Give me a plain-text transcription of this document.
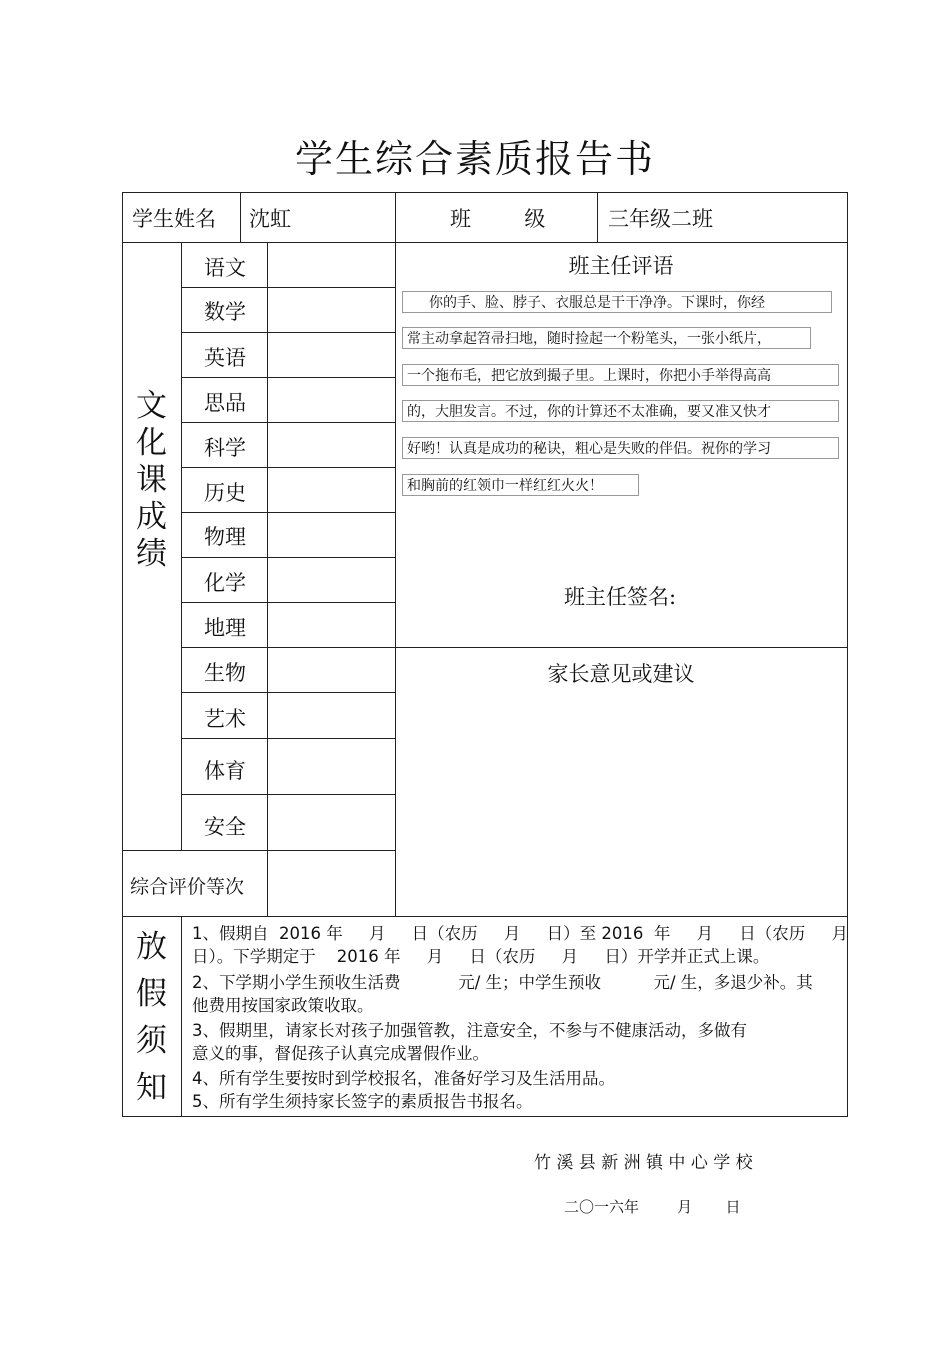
学生综合素质报告书
学生姓名 沈虹	班        级	三年级二班
文
化
课
成
绩
语文
数学
英语
思品
科学
历史
物理
化学
地理
生物
艺术
体育
安全
综合评价等次
班主任评语
你的手、脸、脖子、衣服总是干干净净。下课时，你经
常主动拿起笤帚扫地，随时捡起一个粉笔头，一张小纸片，
一个拖布毛，把它放到撮子里。上课时，你把小手举得高高
的，大胆发言。不过，你的计算还不太准确，要又准又快才
好哟！认真是成功的秘诀，粗心是失败的伴侣。祝你的学习
和胸前的红领巾一样红红火火！
班主任签名:
家长意见或建议
放
假
须
知
1、假期自  2016 年     月     日（农历     月     日）至 2016  年     月     日（农历     月
日）。下学期定于    2016 年     月     日（农历     月     日）开学并正式上课。
2、下学期小学生预收生活费           元/ 生；中学生预收          元/ 生，多退少补。其
他费用按国家政策收取。
3、假期里，请家长对孩子加强管教，注意安全，不参与不健康活动，多做有
意义的事，督促孩子认真完成署假作业。
4、所有学生要按时到学校报名，准备好学习及生活用品。
5、所有学生须持家长签字的素质报告书报名。
竹 溪 县 新 洲 镇 中 心 学 校
二〇一六年        月       日
